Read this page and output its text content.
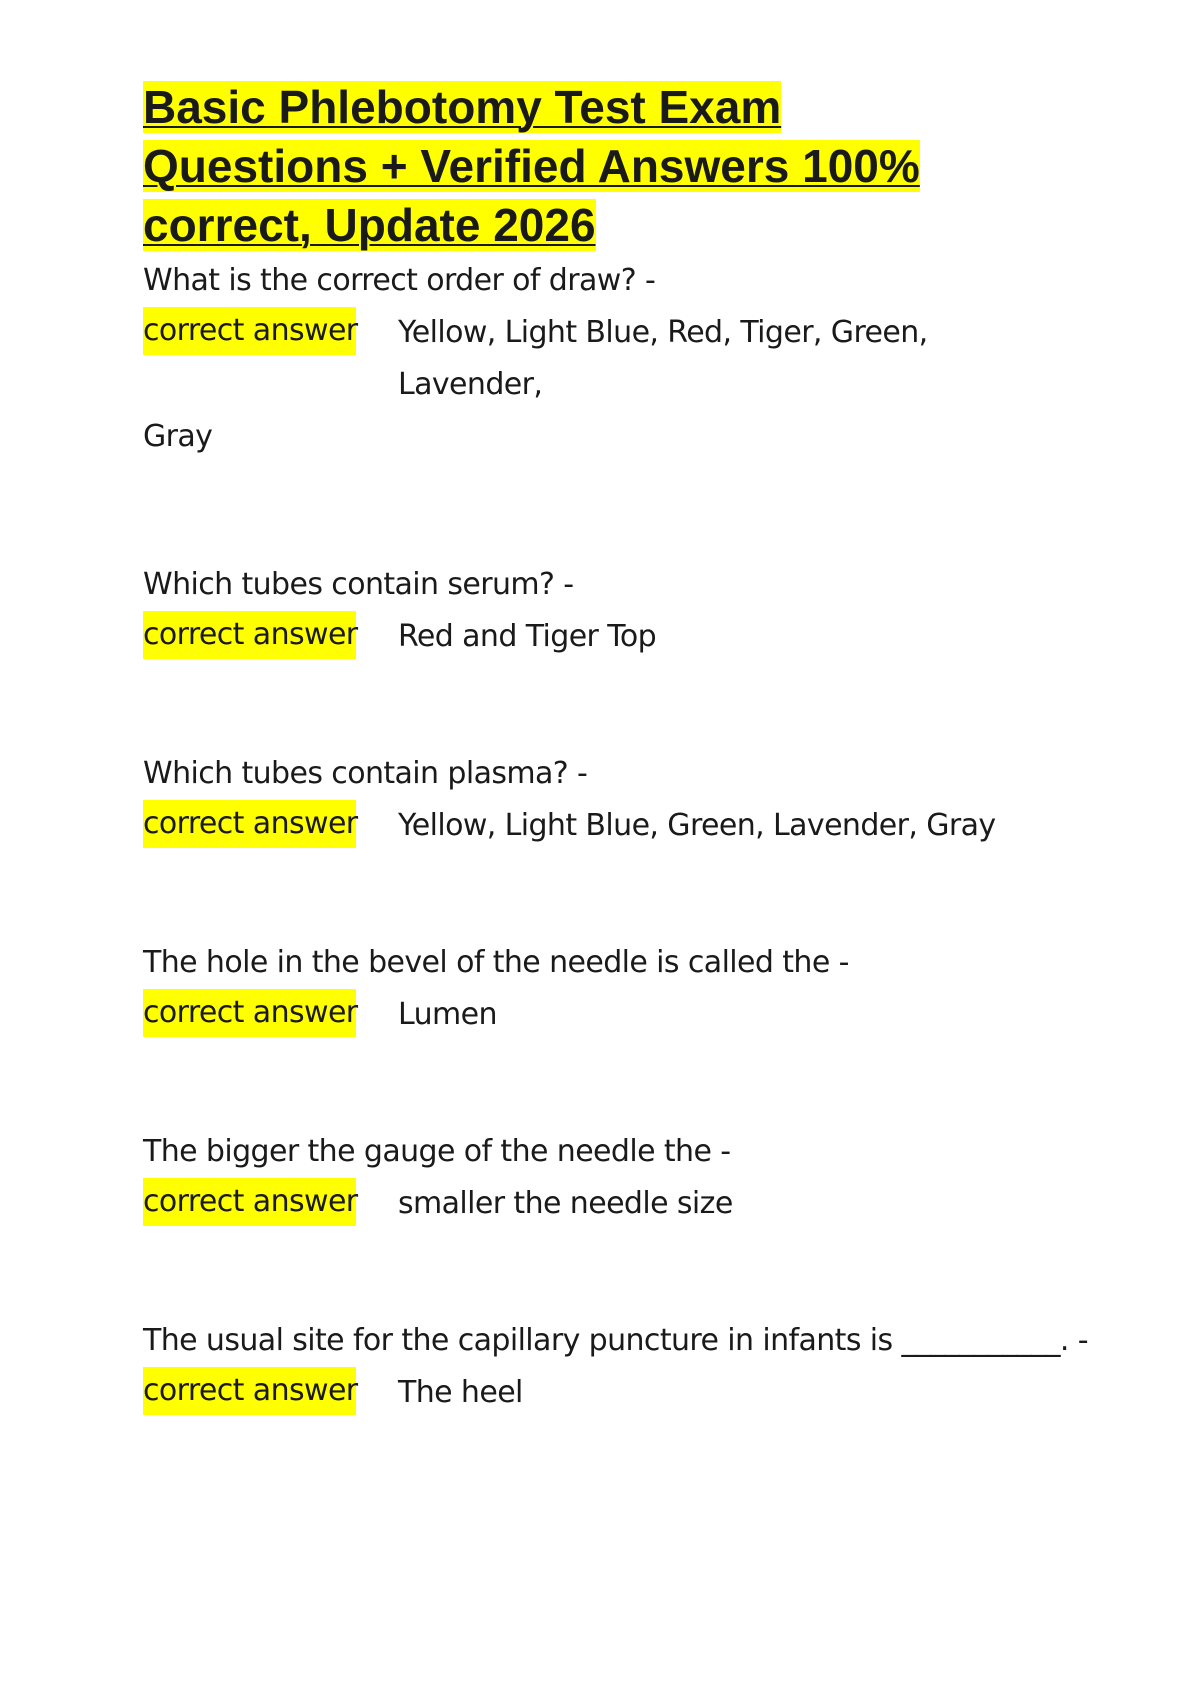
Basic Phlebotomy Test Exam
Questions + Verified Answers 100%
correct, Update 2026
What is the correct order of draw? -
correct answer Yellow, Light Blue, Red, Tiger, Green, Lavender,
Gray
Which tubes contain serum? -
correct answer Red and Tiger Top
Which tubes contain plasma? -
correct answer Yellow, Light Blue, Green, Lavender, Gray
The hole in the bevel of the needle is called the -
correct answer Lumen
The bigger the gauge of the needle the -
correct answer smaller the needle size
The usual site for the capillary puncture in infants is ___________. -
correct answer The heel
